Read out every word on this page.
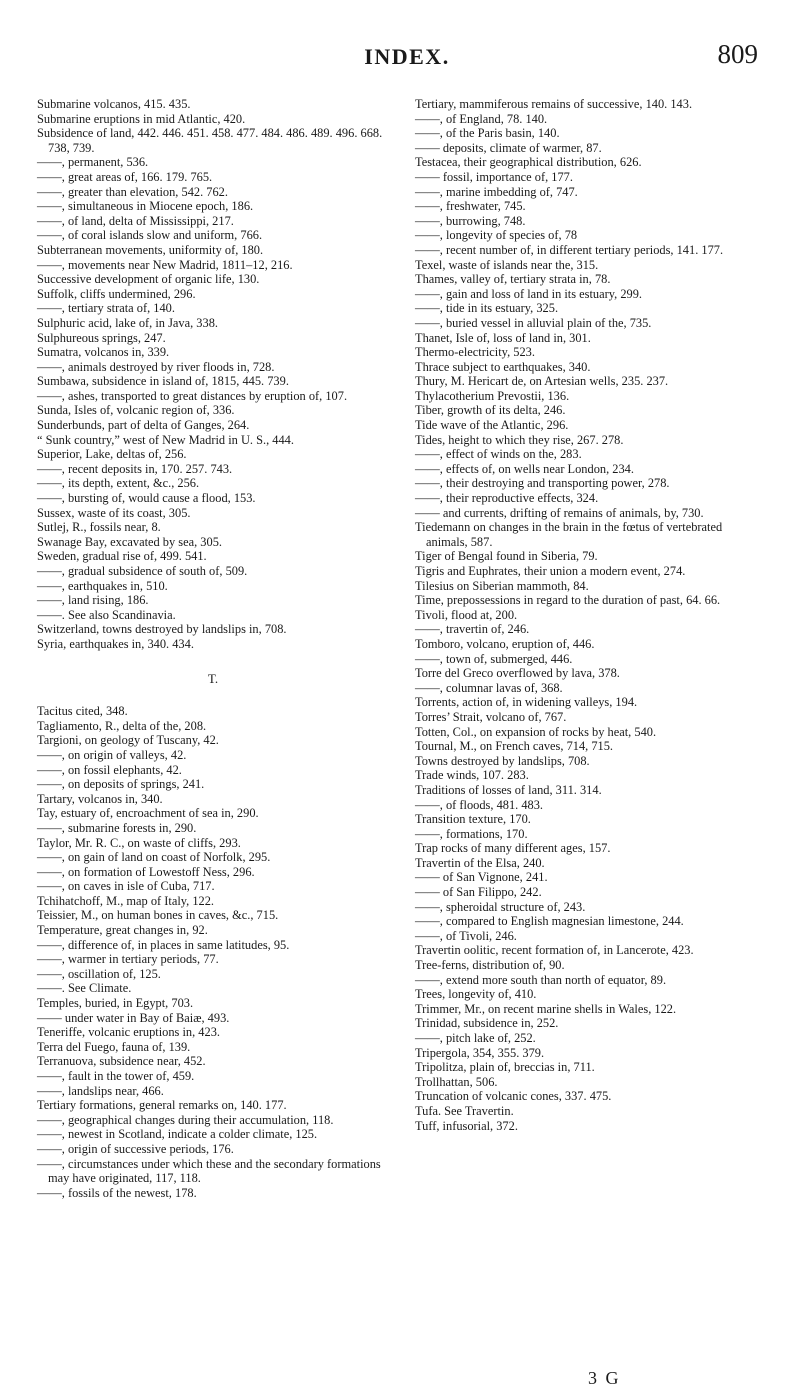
INDEX.	809
Submarine volcanos, 415. 435.
Submarine eruptions in mid Atlantic, 420.
Subsidence of land, 442. 446. 451. 458. 477. 484. 486. 489. 496. 668. 738, 739.
——, permanent, 536.
——, great areas of, 166. 179. 765.
——, greater than elevation, 542. 762.
——, simultaneous in Miocene epoch, 186.
——, of land, delta of Mississippi, 217.
——, of coral islands slow and uniform, 766.
Subterranean movements, uniformity of, 180.
——, movements near New Madrid, 1811–12, 216.
Successive development of organic life, 130.
Suffolk, cliffs undermined, 296.
——, tertiary strata of, 140.
Sulphuric acid, lake of, in Java, 338.
Sulphureous springs, 247.
Sumatra, volcanos in, 339.
——, animals destroyed by river floods in, 728.
Sumbawa, subsidence in island of, 1815, 445. 739.
——, ashes, transported to great distances by eruption of, 107.
Sunda, Isles of, volcanic region of, 336.
Sunderbunds, part of delta of Ganges, 264.
“ Sunk country,” west of New Madrid in U. S., 444.
Superior, Lake, deltas of, 256.
——, recent deposits in, 170. 257. 743.
——, its depth, extent, &c., 256.
——, bursting of, would cause a flood, 153.
Sussex, waste of its coast, 305.
Sutlej, R., fossils near, 8.
Swanage Bay, excavated by sea, 305.
Sweden, gradual rise of, 499. 541.
——, gradual subsidence of south of, 509.
——, earthquakes in, 510.
——, land rising, 186.
——. See also Scandinavia.
Switzerland, towns destroyed by landslips in, 708.
Syria, earthquakes in, 340. 434.
T.
Tacitus cited, 348.
Tagliamento, R., delta of the, 208.
Targioni, on geology of Tuscany, 42.
——, on origin of valleys, 42.
——, on fossil elephants, 42.
——, on deposits of springs, 241.
Tartary, volcanos in, 340.
Tay, estuary of, encroachment of sea in, 290.
——, submarine forests in, 290.
Taylor, Mr. R. C., on waste of cliffs, 293.
——, on gain of land on coast of Norfolk, 295.
——, on formation of Lowestoff Ness, 296.
——, on caves in isle of Cuba, 717.
Tchihatchoff, M., map of Italy, 122.
Teissier, M., on human bones in caves, &c., 715.
Temperature, great changes in, 92.
——, difference of, in places in same latitudes, 95.
——, warmer in tertiary periods, 77.
——, oscillation of, 125.
——. See Climate.
Temples, buried, in Egypt, 703.
—— under water in Bay of Baiæ, 493.
Teneriffe, volcanic eruptions in, 423.
Terra del Fuego, fauna of, 139.
Terranuova, subsidence near, 452.
——, fault in the tower of, 459.
——, landslips near, 466.
Tertiary formations, general remarks on, 140. 177.
——, geographical changes during their accumulation, 118.
——, newest in Scotland, indicate a colder climate, 125.
——, origin of successive periods, 176.
——, circumstances under which these and the secondary formations may have originated, 117, 118.
——, fossils of the newest, 178.
Tertiary, mammiferous remains of successive, 140. 143.
——, of England, 78. 140.
——, of the Paris basin, 140.
—— deposits, climate of warmer, 87.
Testacea, their geographical distribution, 626.
—— fossil, importance of, 177.
——, marine imbedding of, 747.
——, freshwater, 745.
——, burrowing, 748.
——, longevity of species of, 78
——, recent number of, in different tertiary periods, 141. 177.
Texel, waste of islands near the, 315.
Thames, valley of, tertiary strata in, 78.
——, gain and loss of land in its estuary, 299.
——, tide in its estuary, 325.
——, buried vessel in alluvial plain of the, 735.
Thanet, Isle of, loss of land in, 301.
Thermo-electricity, 523.
Thrace subject to earthquakes, 340.
Thury, M. Hericart de, on Artesian wells, 235. 237.
Thylacotherium Prevostii, 136.
Tiber, growth of its delta, 246.
Tide wave of the Atlantic, 296.
Tides, height to which they rise, 267. 278.
——, effect of winds on the, 283.
——, effects of, on wells near London, 234.
——, their destroying and transporting power, 278.
——, their reproductive effects, 324.
—— and currents, drifting of remains of animals, by, 730.
Tiedemann on changes in the brain in the fœtus of vertebrated animals, 587.
Tiger of Bengal found in Siberia, 79.
Tigris and Euphrates, their union a modern event, 274.
Tilesius on Siberian mammoth, 84.
Time, prepossessions in regard to the duration of past, 64. 66.
Tivoli, flood at, 200.
——, travertin of, 246.
Tomboro, volcano, eruption of, 446.
——, town of, submerged, 446.
Torre del Greco overflowed by lava, 378.
——, columnar lavas of, 368.
Torrents, action of, in widening valleys, 194.
Torres’ Strait, volcano of, 767.
Totten, Col., on expansion of rocks by heat, 540.
Tournal, M., on French caves, 714, 715.
Towns destroyed by landslips, 708.
Trade winds, 107. 283.
Traditions of losses of land, 311. 314.
——, of floods, 481. 483.
Transition texture, 170.
——, formations, 170.
Trap rocks of many different ages, 157.
Travertin of the Elsa, 240.
—— of San Vignone, 241.
—— of San Filippo, 242.
——, spheroidal structure of, 243.
——, compared to English magnesian limestone, 244.
——, of Tivoli, 246.
Travertin oolitic, recent formation of, in Lancerote, 423.
Tree-ferns, distribution of, 90.
——, extend more south than north of equator, 89.
Trees, longevity of, 410.
Trimmer, Mr., on recent marine shells in Wales, 122.
Trinidad, subsidence in, 252.
——, pitch lake of, 252.
Tripergola, 354, 355. 379.
Tripolitza, plain of, breccias in, 711.
Trollhattan, 506.
Truncation of volcanic cones, 337. 475.
Tufa. See Travertin.
Tuff, infusorial, 372.
3 G
